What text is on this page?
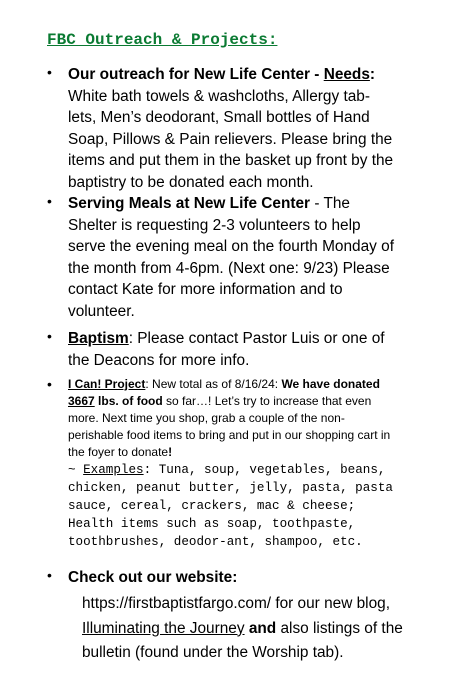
FBC Outreach & Projects:
• Our outreach for New Life Center - Needs: White bath towels & washcloths, Allergy tab-lets, Men’s deodorant, Small bottles of Hand Soap, Pillows & Pain relievers. Please bring the items and put them in the basket up front by the baptistry to be donated each month.
• Serving Meals at New Life Center - The Shelter is requesting 2-3 volunteers to help serve the evening meal on the fourth Monday of the month from 4-6pm. (Next one: 9/23) Please contact Kate for more information and to volunteer.
• Baptism: Please contact Pastor Luis or one of the Deacons for more info.
• I Can! Project: New total as of 8/16/24: We have donated 3667 lbs. of food so far…! Let’s try to increase that even more. Next time you shop, grab a couple of the non-perishable food items to bring and put in our shopping cart in the foyer to donate!
~ Examples: Tuna, soup, vegetables, beans, chicken, peanut butter, jelly, pasta, pasta sauce, cereal, crackers, mac & cheese; Health items such as soap, toothpaste, toothbrushes, deodor-ant, shampoo, etc.
• Check out our website:
https://firstbaptistfargo.com/ for our new blog, Illuminating the Journey and also listings of the bulletin (found under the Worship tab).
